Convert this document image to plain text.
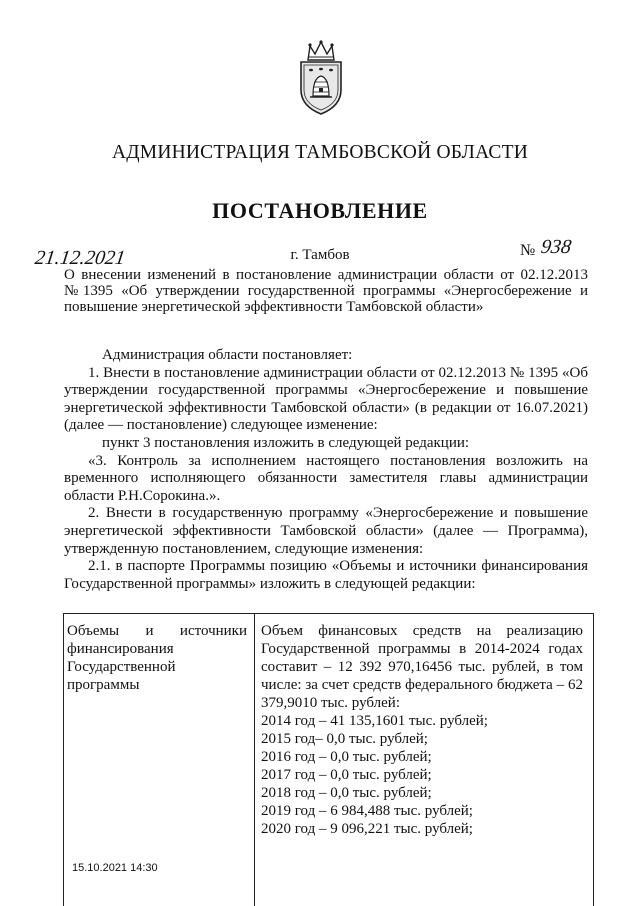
АДМИНИСТРАЦИЯ ТАМБОВСКОЙ ОБЛАСТИ
ПОСТАНОВЛЕНИЕ
21.12.2021	г. Тамбов	№ 938
О внесении изменений в постановление администрации области от 02.12.2013 №1395 «Об утверждении государственной программы «Энергосбережение и повышение энергетической эффективности Тамбовской области»

Администрация области постановляет:

1. Внести в постановление администрации области от 02.12.2013 № 1395 «Об утверждении государственной программы «Энергосбережение и повышение энергетической эффективности Тамбовской области» (в редакции от 16.07.2021) (далее — постановление) следующее изменение:

пункт 3 постановления изложить в следующей редакции:

«3. Контроль за исполнением настоящего постановления возложить на временного исполняющего обязанности заместителя главы администрации области Р.Н.Сорокина.».

2. Внести в государственную программу «Энергосбережение и повышение энергетической эффективности Тамбовской области» (далее — Программа), утвержденную постановлением, следующие изменения:

2.1. в паспорте Программы позицию «Объемы и источники финансирования Государственной программы» изложить в следующей редакции:

Объемы и источники финансирования Государственной программы

Объем финансовых средств на реализацию Государственной программы в 2014-2024 годах составит – 12 392 970,16456 тыс. рублей, в том числе: за счет средств федерального бюджета – 62 379,9010 тыс. рублей:

2014 год – 41 135,1601 тыс. рублей;

2015 год– 0,0 тыс. рублей;

2016 год – 0,0 тыс. рублей;

2017 год – 0,0 тыс. рублей;

2018 год – 0,0 тыс. рублей;

2019 год – 6 984,488 тыс. рублей;

2020 год – 9 096,221 тыс. рублей;

15.10.2021 14:30
